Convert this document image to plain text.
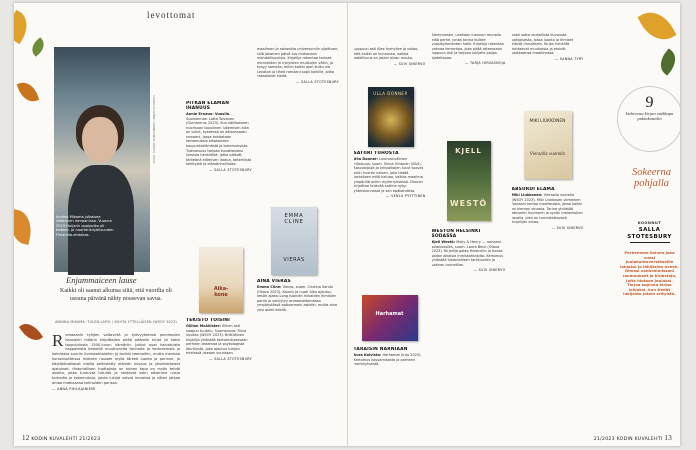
levottomat
Annina Mikama julkaisee viidennen romaaninsa. Vuonna 2019 Huijarin oppipoika oli tieteen- ja nuortenkirjallisuuden Finlandia-ehdokas.
KUVA: SASKIA SAMULNIEMI / KIRJATUOTANTO
Enjammaiceen lause
Kaikki oli saanut alkunsa siitä, että vuorilta oli useana päivänä nähty nousevan savua.
ANNINA MIKAMA: TULEN LAPSI / KOHTA YTTELLÄISEN (WSOY 2023)
Romaaanin tyhjien valtavirtä ja työvyyteensä pienimpien kannakin määrin kirjoittajien pitää pitämiin kirjat yli kaksi lopputulosta 1500-luvun hämäriin. Jotkut ovat kaivatuista kappaleista keskellä muuttuneita tarinoita ja kertomuksia ja kohdistua suuriin ihmiskohtaloihin ja isoihin teemoihin, mutta monissa kurssituotteissa mieleen nousee myös tärkeä luonto ja perinne, ja käyttöönottavat mallia pelkistetty elämän kuvaus ja yksinkertaiset ajatukset. Historiallisen tuottajista on toinen tapa on myös tehdä asioita, jotka tuntuvat tutuilta ja nostavat esiin aikamme uusia tarinoita ja kokemuksia, joista lukijat voivat innostua ja sitten jatkaa omaa matkaansa tarinoiden parissa.
— ANNA PIHLAJANIEMI

PITKÄN ELÄMÄN IHANUUS

Annie Ernaux: Vuosiin. Suomennos: Lotta Toivanen (Gummerus 2023). Kun väliikaiseen nuorisoon lopullinen lukemisen aika on tullut, kyseessä on aikaansaatu romaani, jossa kohdataan kertomuksia aikakauden kaupunkielämästä ja kokemuksista. Tulevaisuus tarjoaa kuvattavaksi lukuisia henkilöitä, jotka pitävät tärkeänä elämisen laatua, taiteellista kehitystä ja elämänhallintaa.

— SALLA STOTESBURY
Aika-
kone

TEKISTÖ TOISINI

Gillian McAllister: Siihen asti saapuu tuutelu. Suomennos: Riina Vuokko (WSOY 2023). Brittiläinen kirjailija yhdistää kertomuksessaan perheen draamaa ja psykologista jännitystä, joka ajautuu lukijan mielessä useaan suuntaan.

— SALLA STOTESBURY

maailman ja naiseutta universumiin sijoittuen, sillä jokainen päivä tuo mukanaan mahdollisuuksia. Kirjailija rakentaa tarinaa menneiden ja nykyisten muistojen väliin, ja kysyy samalla, mihin kaikki ajan kulku vie. Levoton ja tiheä romaani sopii kaikille, jotka rakastavat kieltä.

— SALLA STOTESBURY
EMMA
CLINE
VIERAS

AINA VIERAS

Emma Cline: Vieras, suom. Cristina Sandu (Otava 2023). Kaunis ja nuori Alex ajautuu kesän ajaksi Long Islandin rikkaiden ihmisten pariin ja selviytyy arvaamattomassa ympäristössä epävarmoin askelin, mutta aina yksi askel edellä.

12 KODIN KUVALEHTI 21/2023

Loppuun asti Alex hymyilee ja uskoo, että kaikki on kunnossa, vaikka todellisuus on jotain aivan muuta.

— SUVI SINERVO
ULLA DONNER

SATIIRI TUHOSTA

Ulla Donner: Luonnonvälinen hiljaisuus, suom. Sinna Virtanen (S&S). Kasvukipuja ja kriisiaikojen luvut tuovat esiin nuoren naisen, joka tietää tarkalleen mitä haluaa, vaikka maailma ympärillä onkin myllerryksessä. Donner kirjoittaa terävää satiiria nyky-yhteiskunnasta ja sen epäkohdista.

— VENLA PYYTTINEN
Harhamat

TARAISIN NARNIAAN

Aura Koivisto: Harhamat (Into 2023). Kertomus kasvamisesta ja perheen merkityksestä.

Alemmaisen, uneliaan luonnon reunalla elää perhe, jonka tarina kulkee vuosikymmenten halki. Kirjailija rakentaa vahvaa kerrontaa, joka pitää otteessaan loppuun asti ja tarjoaa lukijalle paljon ajateltavaa.

— TARJA HIRVASNOJA
KJELL
WESTÖ

WESTÖN HELSINKI SODASSA

Kjell Westö: Molly & Henry — romaani sotavuosilta, suom. Laura Beck (Otava 2023). Kirjailija palaa Helsinkiin ja kuvaa sodan aikaisia ihmiskohtaloita. Kertomus yhdistää historiallisen tarkkuuden ja vahvan tunnetilan.

— SUVI SINERVO

vasti sotta rauhallista kuvausta pohjoisesta, jossa luonto ja ihmiset elävät rinnakkain. Kirjan henkilöt kohtaavat muutoksia ja etsivät paikkaansa maailmassa.

— SANNA TYRY
MIKI LIUKKONEN
Vieraalla vuorella

ABSURDI ELÄMÄ

Miki Liukkonen: Vieraalla vuorella (WSOY 2023). Miki Liukkosen viimeinen romaani kertoo maailmasta, jossa kaikki on hieman vinossa. Tarina yhdistää absurdin huumorin ja syvän melankolian tavalla, joka on tunnistettavasti kirjailijan omaa.

— SUVI SINERVO
9
kiehtovaa kirjaa vaikkapa pukinkonttiin
Sokeerna pohjalla
KOONNUT
SALLA
STOTESBURY
Perheenme kolnen joka vuosi juuiakahtaverstkseille lahjaksi ja lähijärjen oveen. Olmasi vanhemmissani raumuukset ja kirjastoja, joita hiotaan jouluksi. Tarjoa sopivaa kirjaa lahjaksi, kun tiedät lukijasta jotain erityistä.
21/2023 KODIN KUVALEHTI 13
